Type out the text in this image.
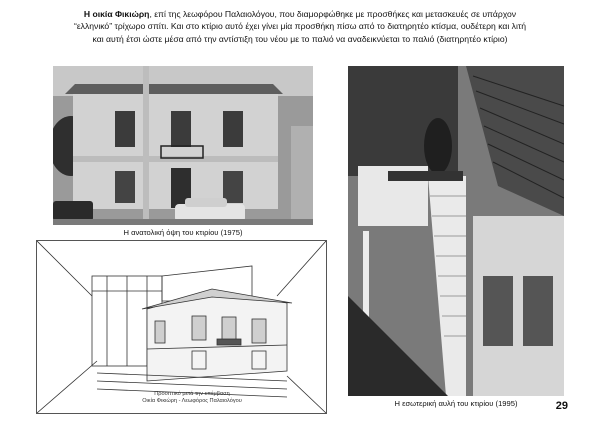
Η οικία Φικιώρη, επί της λεωφόρου Παλαιολόγου, που διαμορφώθηκε με προσθήκες και μετασκευές σε υπάρχον
“ελληνικό” τρίχωρο σπίτι. Και στο κτίριο αυτό έχει γίνει μία προσθήκη πίσω από το διατηρητέο κτίσμα, ουδέτερη και λιτή
και αυτή έτσι ώστε μέσα από την αντίστιξη του νέου με το παλιό να αναδεικνύεται το παλιό (διατηρητέο κτίριο)
Η ανατολική όψη του κτιρίου (1975)
Η εσωτερική αυλή του κτιρίου (1995)
Προοπτικό μετά την επέμβαση
Οικία Φικιώρη - Λεωφόρος Παλαιολόγου	29
